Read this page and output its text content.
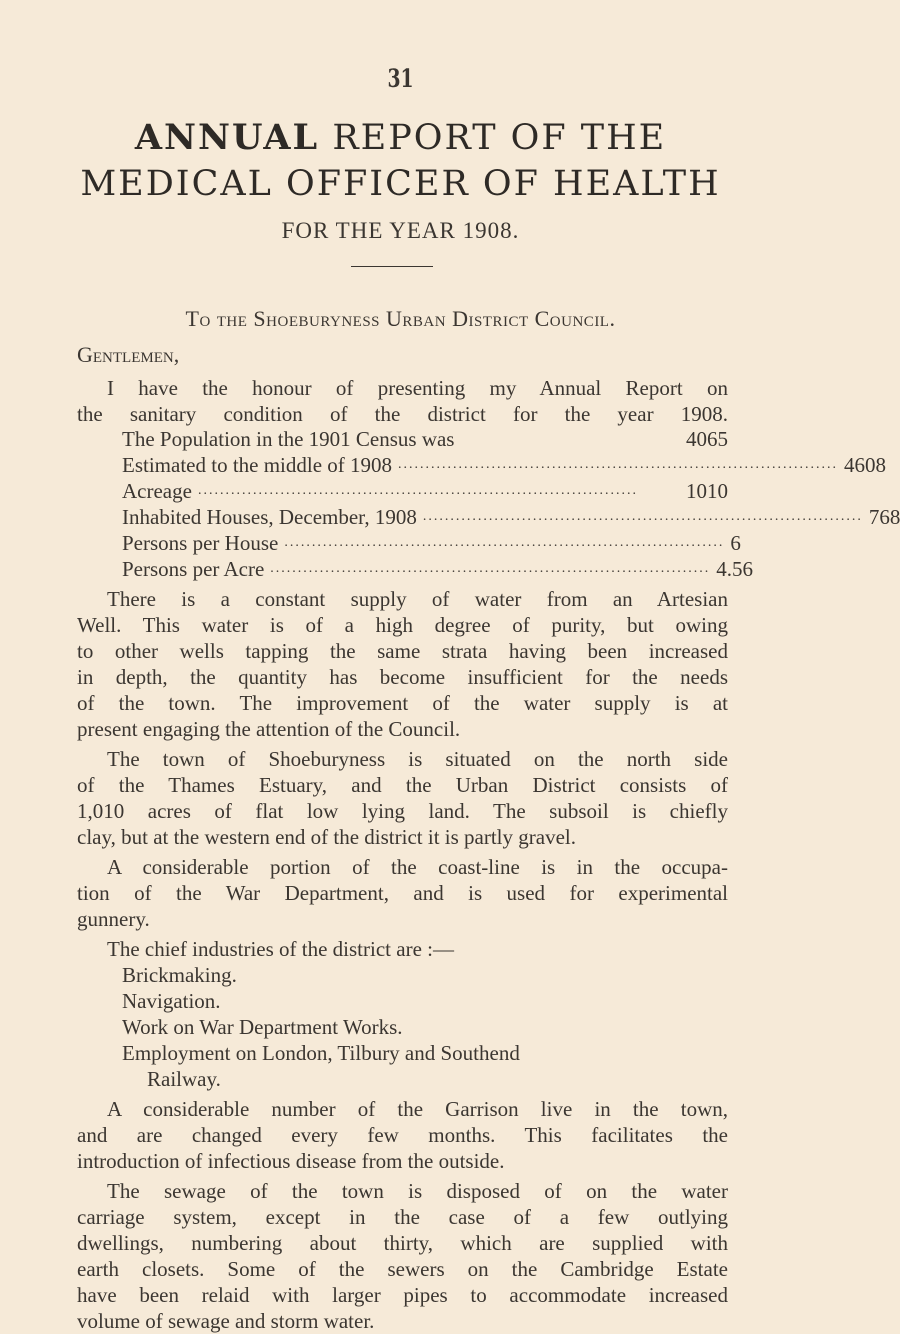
31
ANNUAL REPORT OF THE
MEDICAL OFFICER OF HEALTH
FOR THE YEAR 1908.
To the Shoeburyness Urban District Council.
Gentlemen,
I have the honour of presenting my Annual Report on
the sanitary condition of the district for the year 1908.
The Population in the 1901 Census was	4065
Estimated to the middle of 1908 ................................................................................ 4608
Acreage ................................................................................	1010
Inhabited Houses, December, 1908 ................................................................................ 768
Persons per House ................................................................................ 6
Persons per Acre ................................................................................ 4.56
There is a constant supply of water from an Artesian
Well. This water is of a high degree of purity, but owing
to other wells tapping the same strata having been increased
in depth, the quantity has become insufficient for the needs
of the town. The improvement of the water supply is at
present engaging the attention of the Council.
The town of Shoeburyness is situated on the north side
of the Thames Estuary, and the Urban District consists of
1,010 acres of flat low lying land. The subsoil is chiefly
clay, but at the western end of the district it is partly gravel.
A considerable portion of the coast-line is in the occupa-
tion of the War Department, and is used for experimental
gunnery.
The chief industries of the district are :—
Brickmaking.
Navigation.
Work on War Department Works.
Employment on London, Tilbury and Southend
Railway.
A considerable number of the Garrison live in the town,
and are changed every few months. This facilitates the
introduction of infectious disease from the outside.
The sewage of the town is disposed of on the water
carriage system, except in the case of a few outlying
dwellings, numbering about thirty, which are supplied with
earth closets. Some of the sewers on the Cambridge Estate
have been relaid with larger pipes to accommodate increased
volume of sewage and storm water.
